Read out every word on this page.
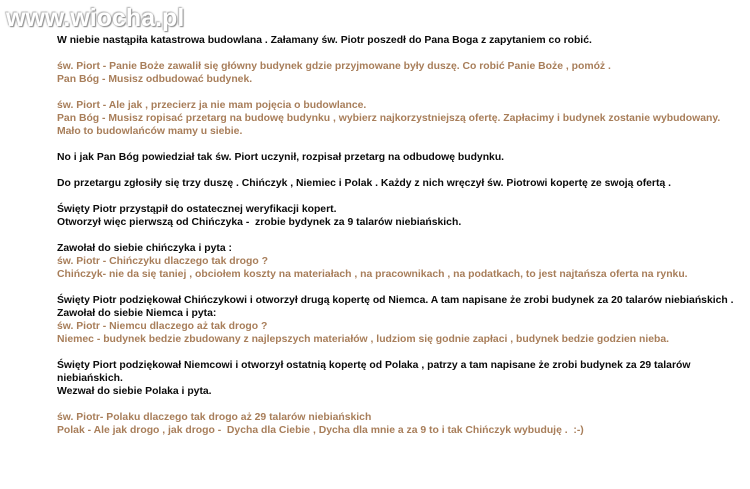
www.wiocha.pl
W niebie nastąpiła katastrowa budowlana . Załamany św. Piotr poszedł do Pana Boga z zapytaniem co robić.
św. Piort - Panie Boże zawalił się główny budynek gdzie przyjmowane były duszę. Co robić Panie Boże , pomóż .
Pan Bóg - Musisz odbudować budynek.
św. Piort - Ale jak , przecierz ja nie mam pojęcia o budowlance.
Pan Bóg - Musisz ropisać przetarg na budowę budynku , wybierz najkorzystniejszą ofertę. Zapłacimy i budynek zostanie wybudowany. Mało to budowlańców mamy u siebie.
No i jak Pan Bóg powiedział tak św. Piort uczynił, rozpisał przetarg na odbudowę budynku.
Do przetargu zgłosiły się trzy duszę . Chińczyk , Niemiec i Polak . Każdy z nich wręczył św. Piotrowi kopertę ze swoją ofertą .
Święty Piotr przystąpił do ostatecznej weryfikacji kopert.
Otworzył więc pierwszą od Chińczyka -  zrobie bydynek za 9 talarów niebiańskich.
Zawołał do siebie chińczyka i pyta :
św. Piotr - Chińczyku dlaczego tak drogo ?
Chińczyk- nie da się taniej , obciołem koszty na materiałach , na pracownikach , na podatkach, to jest najtańsza oferta na rynku.
Święty Piotr podziękował Chińczykowi i otworzył drugą kopertę od Niemca. A tam napisane że zrobi budynek za 20 talarów niebiańskich .
Zawołał do siebie Niemca i pyta:
św. Piotr - Niemcu dlaczego aż tak drogo ?
Niemec - budynek bedzie zbudowany z najlepszych materiałów , ludziom się godnie zapłaci , budynek bedzie godzien nieba.
Święty Piort podziękował Niemcowi i otworzył ostatnią kopertę od Polaka , patrzy a tam napisane że zrobi budynek za 29 talarów niebiańskich.
Wezwał do siebie Polaka i pyta.
św. Piotr- Polaku dlaczego tak drogo aż 29 talarów niebiańskich
Polak - Ale jak drogo , jak drogo -  Dycha dla Ciebie , Dycha dla mnie a za 9 to i tak Chińczyk wybuduję .  :-)
